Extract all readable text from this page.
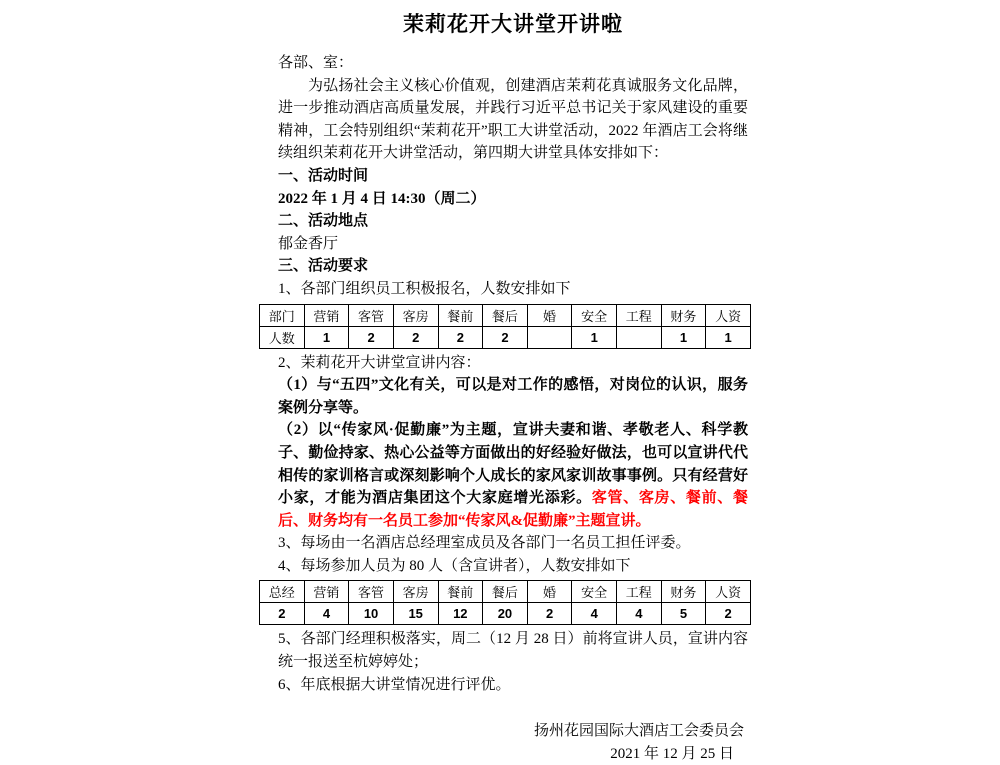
茉莉花开大讲堂开讲啦

各部、室：

为弘扬社会主义核心价值观，创建酒店茉莉花真诚服务文化品牌，进一步推动酒店高质量发展，并践行习近平总书记关于家风建设的重要精神，工会特别组织“茉莉花开”职工大讲堂活动，2022 年酒店工会将继续组织茉莉花开大讲堂活动，第四期大讲堂具体安排如下：

一、活动时间

2022 年 1 月 4 日 14:30（周二）

二、活动地点

郁金香厅

三、活动要求

1、各部门组织员工积极报名，人数安排如下

部门	营销	客管	客房	餐前	餐后	婚	安全	工程	财务	人资
人数	1	2	2	2	2		1		1	1

2、茉莉花开大讲堂宣讲内容：

（1）与“五四”文化有关，可以是对工作的感悟，对岗位的认识，服务案例分享等。

（2）以“传家风·促勤廉”为主题，宣讲夫妻和谐、孝敬老人、科学教子、勤俭持家、热心公益等方面做出的好经验好做法，也可以宣讲代代相传的家训格言或深刻影响个人成长的家风家训故事事例。只有经营好小家，才能为酒店集团这个大家庭增光添彩。客管、客房、餐前、餐后、财务均有一名员工参加“传家风&促勤廉”主题宣讲。

3、每场由一名酒店总经理室成员及各部门一名员工担任评委。

4、每场参加人员为 80 人（含宣讲者），人数安排如下

总经	营销	客管	客房	餐前	餐后	婚	安全	工程	财务	人资
2	4	10	15	12	20	2	4	4	5	2

5、各部门经理积极落实，周二（12 月 28 日）前将宣讲人员，宣讲内容统一报送至杭婷婷处；

6、年底根据大讲堂情况进行评优。

扬州花园国际大酒店工会委员会

2021 年 12 月 25 日
